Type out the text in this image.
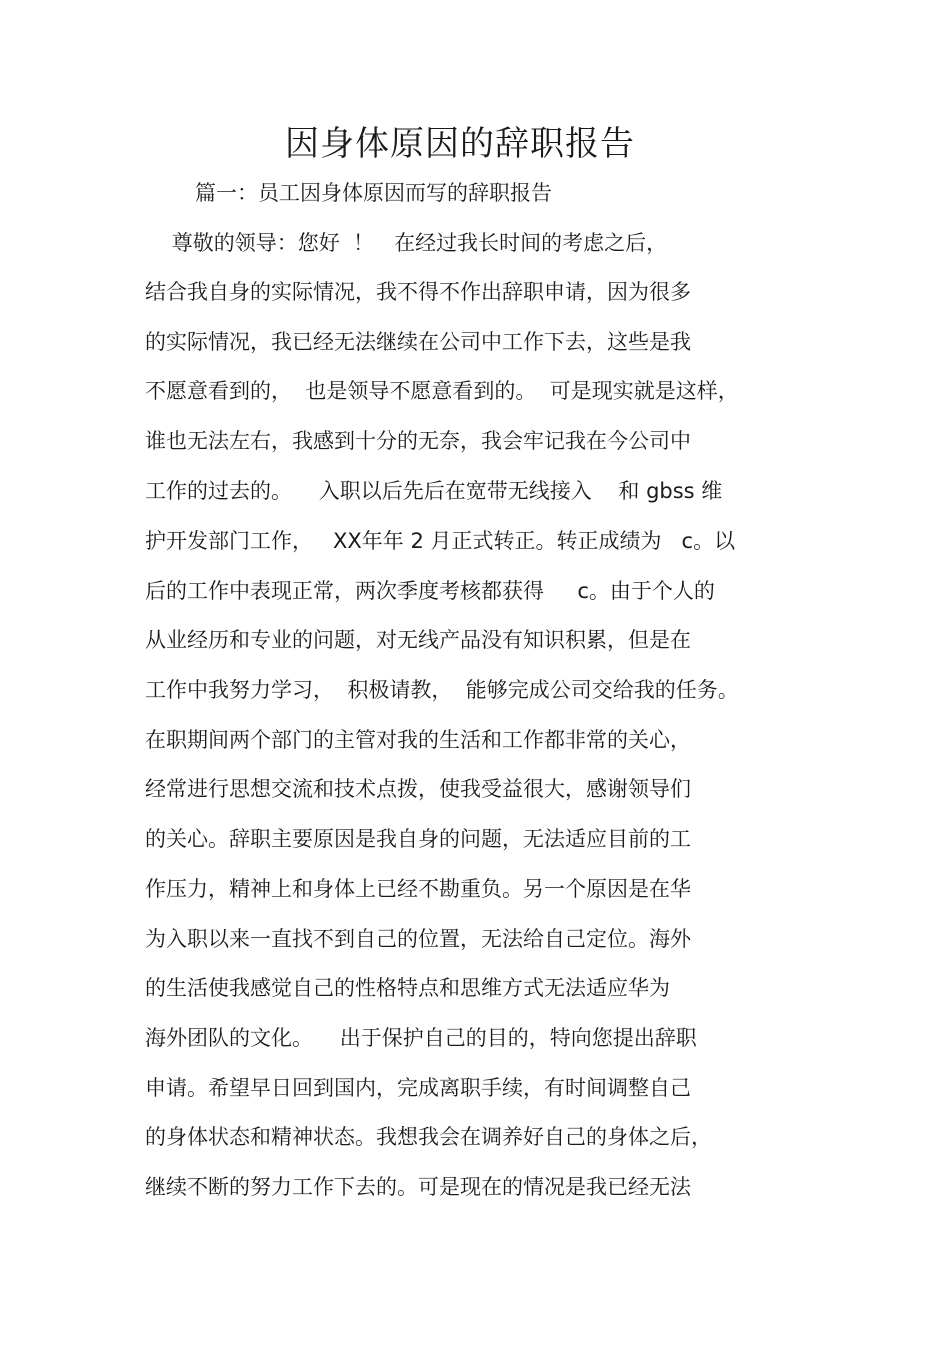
因身体原因的辞职报告
篇一：员工因身体原因而写的辞职报告
尊敬的领导：您好  ！   在经过我长时间的考虑之后，
结合我自身的实际情况，我不得不作出辞职申请，因为很多
的实际情况，我已经无法继续在公司中工作下去，这些是我
不愿意看到的，  也是领导不愿意看到的。  可是现实就是这样，
谁也无法左右，我感到十分的无奈，我会牢记我在今公司中
工作的过去的。    入职以后先后在宽带无线接入    和 gbss 维
护开发部门工作，   XX年年 2 月正式转正。转正成绩为   c。以
后的工作中表现正常，两次季度考核都获得     c。由于个人的
从业经历和专业的问题，对无线产品没有知识积累，但是在
工作中我努力学习，  积极请教，  能够完成公司交给我的任务。
在职期间两个部门的主管对我的生活和工作都非常的关心，
经常进行思想交流和技术点拨，使我受益很大，感谢领导们
的关心。辞职主要原因是我自身的问题，无法适应目前的工
作压力，精神上和身体上已经不勘重负。另一个原因是在华
为入职以来一直找不到自己的位置，无法给自己定位。海外
的生活使我感觉自己的性格特点和思维方式无法适应华为
海外团队的文化。    出于保护自己的目的，特向您提出辞职
申请。希望早日回到国内，完成离职手续，有时间调整自己
的身体状态和精神状态。我想我会在调养好自己的身体之后，
继续不断的努力工作下去的。可是现在的情况是我已经无法
